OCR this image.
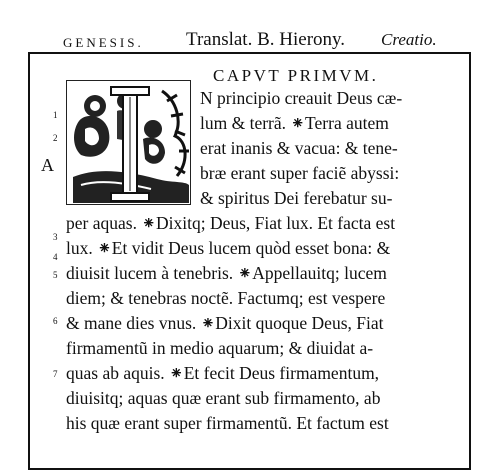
GENESIS. Translat. B. Hierony. Creatio.
CAPVT PRIMVM.
A
1
2
3
4
5
6
7
N principio creauit Deus cæ-
lum & terrã. ⁕Terra autem
erat inanis & vacua: & tene-
bræ erant super faciẽ abyssi:
& spiritus Dei ferebatur su-
per aquas. ⁕Dixitq; Deus, Fiat lux. Et facta est
lux. ⁕Et vidit Deus lucem quòd esset bona: &
diuisit lucem à tenebris. ⁕Appellauitq; lucem
diem; & tenebras noctẽ. Factumq; est vespere
& mane dies vnus. ⁕Dixit quoque Deus, Fiat
firmamentũ in medio aquarum; & diuidat a-
quas ab aquis. ⁕Et fecit Deus firmamentum,
diuisitq; aquas quæ erant sub firmamento, ab
his quæ erant super firmamentũ. Et factum est
